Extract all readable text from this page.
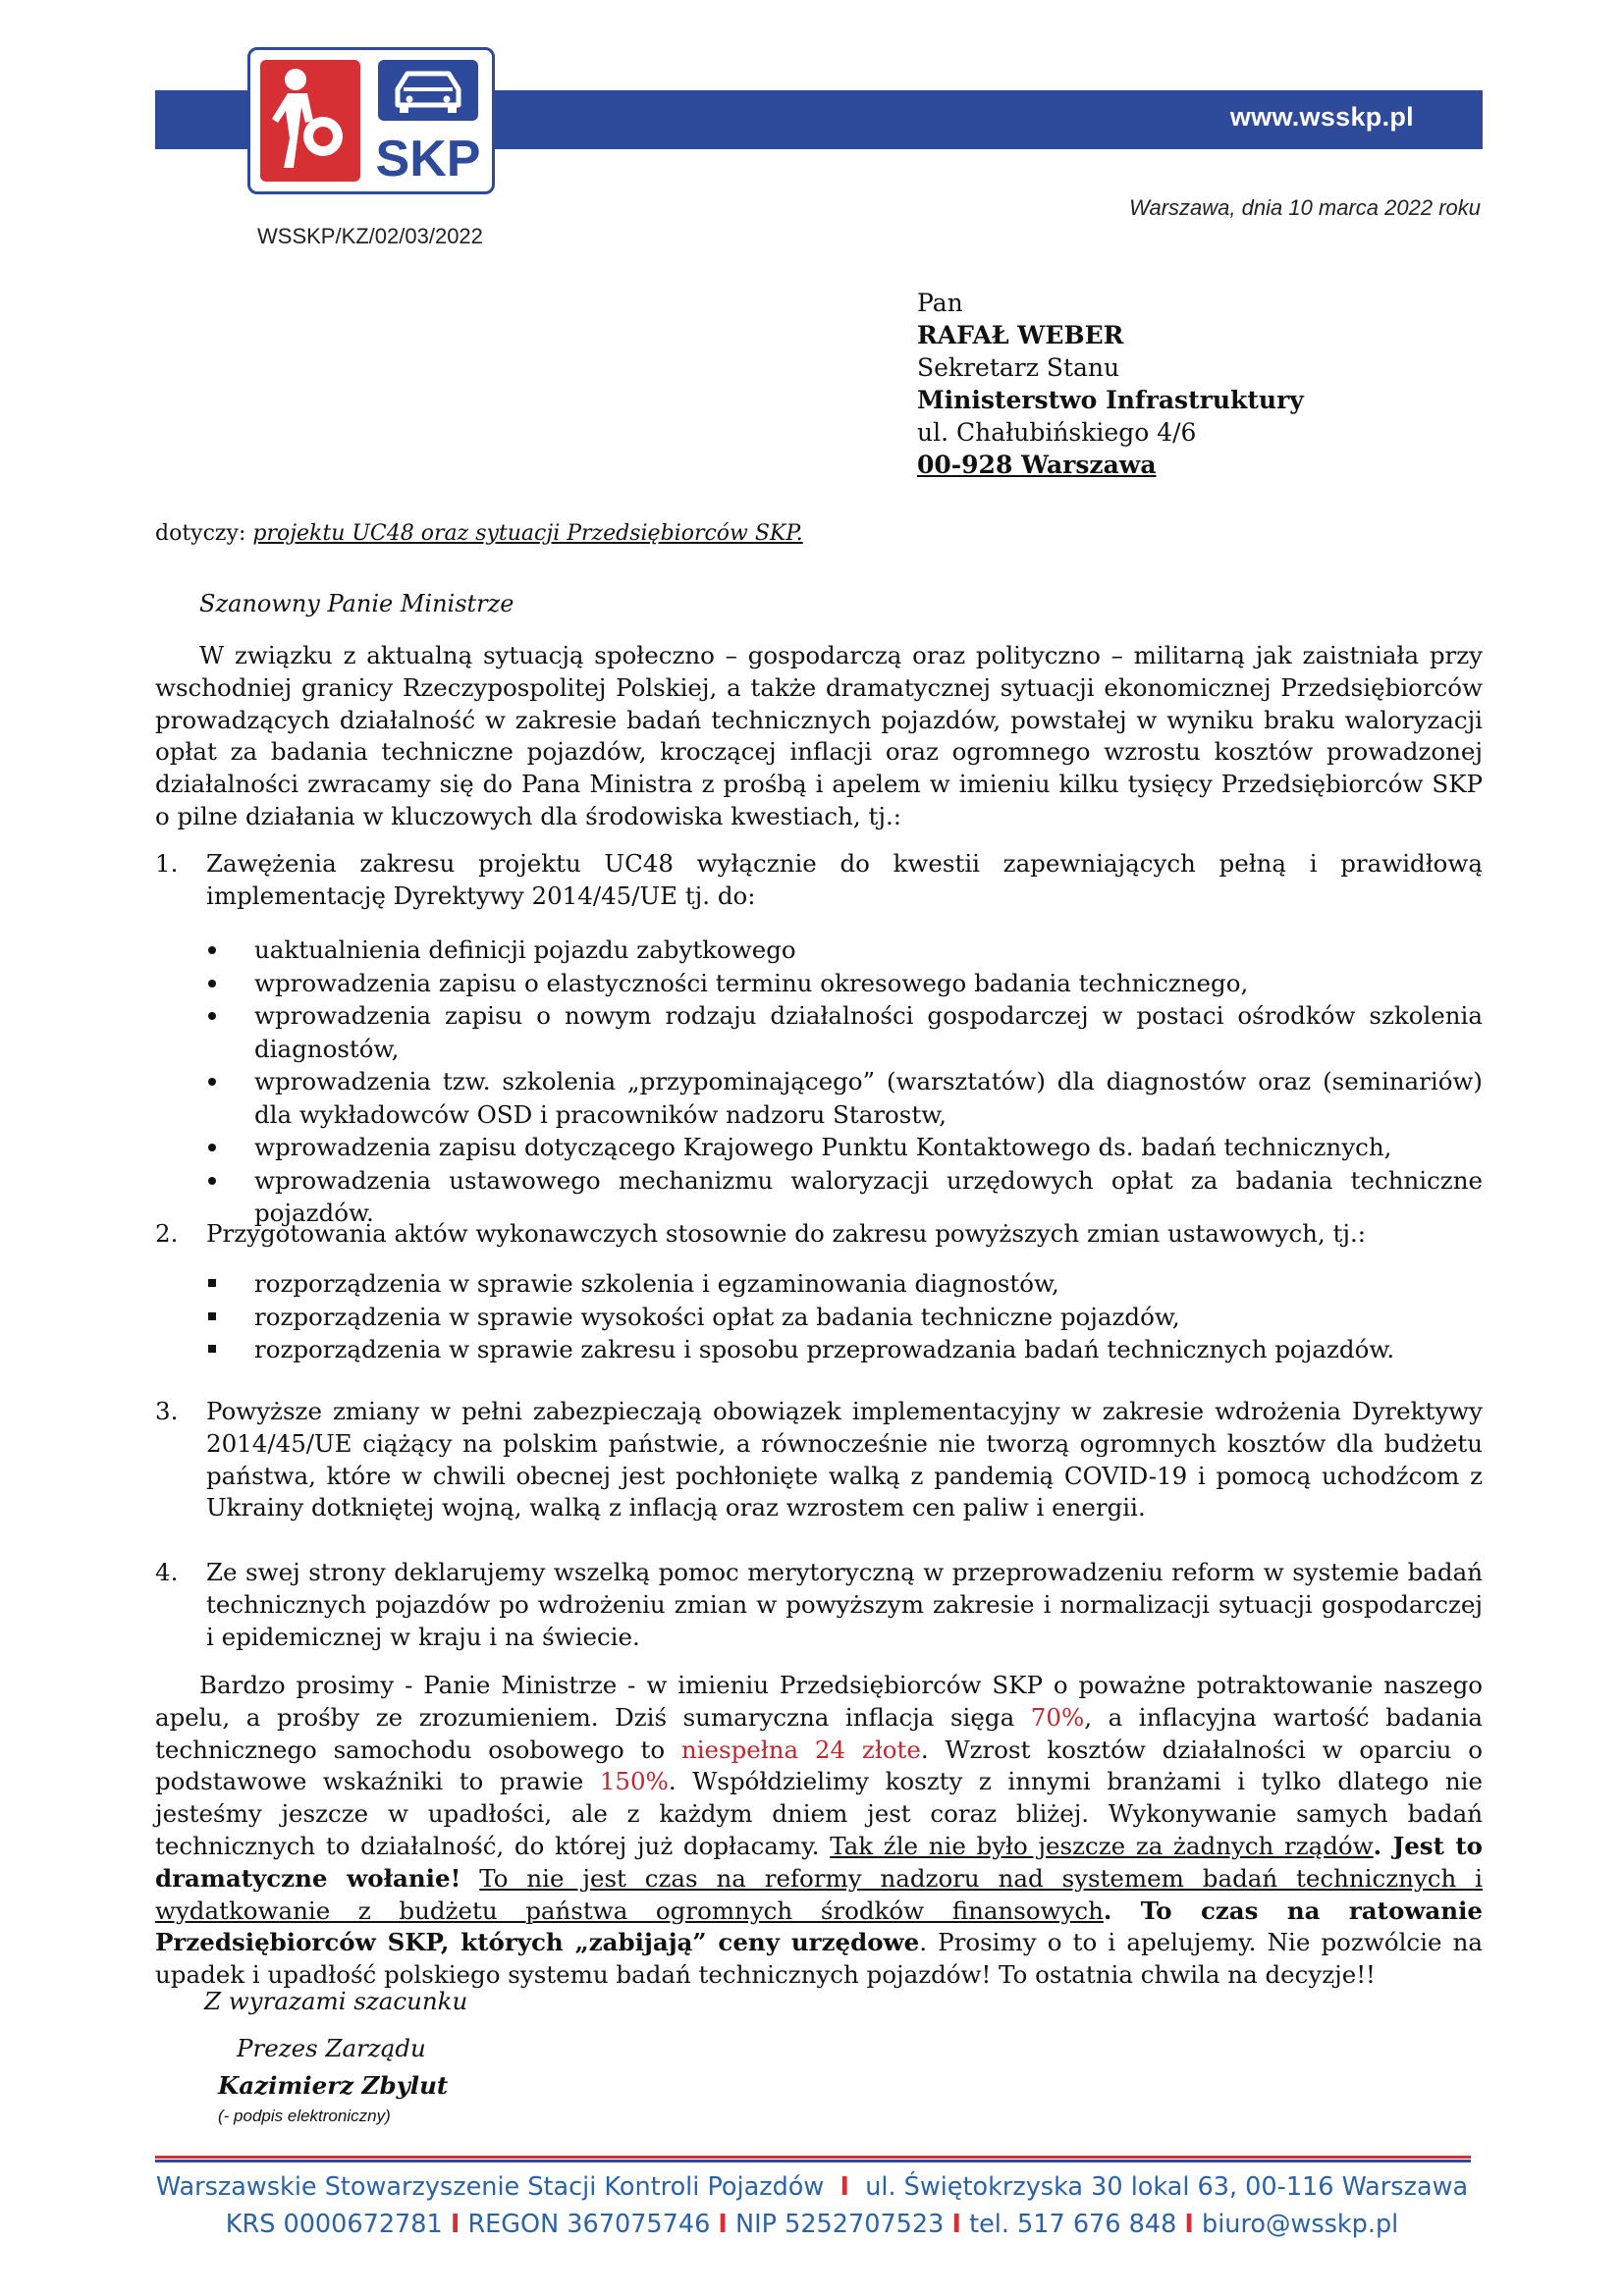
www.wsskp.pl
SKP
WSSKP/KZ/02/03/2022
Warszawa, dnia 10 marca 2022 roku
Pan
RAFAŁ WEBER
Sekretarz Stanu
Ministerstwo Infrastruktury
ul. Chałubińskiego 4/6
00-928 Warszawa
dotyczy: projektu UC48 oraz sytuacji Przedsiębiorców SKP.
Szanowny Panie Ministrze
W związku z aktualną sytuacją społeczno – gospodarczą oraz polityczno – militarną jak zaistniała przy wschodniej granicy Rzeczypospolitej Polskiej, a także dramatycznej sytuacji ekonomicznej Przedsiębiorców prowadzących działalność w zakresie badań technicznych pojazdów, powstałej w wyniku braku waloryzacji opłat za badania techniczne pojazdów, kroczącej inflacji oraz ogromnego wzrostu kosztów prowadzonej działalności zwracamy się do Pana Ministra z prośbą i apelem w imieniu kilku tysięcy Przedsiębiorców SKP o pilne działania w kluczowych dla środowiska kwestiach, tj.:
1.	Zawężenia zakresu projektu UC48 wyłącznie do kwestii zapewniających pełną i prawidłową implementację Dyrektywy 2014/45/UE tj. do:
uaktualnienia definicji pojazdu zabytkowego
wprowadzenia zapisu o elastyczności terminu okresowego badania technicznego,
wprowadzenia zapisu o nowym rodzaju działalności gospodarczej w postaci ośrodków szkolenia diagnostów,
wprowadzenia tzw. szkolenia „przypominającego” (warsztatów) dla diagnostów oraz (seminariów) dla wykładowców OSD i pracowników nadzoru Starostw,
wprowadzenia zapisu dotyczącego Krajowego Punktu Kontaktowego ds. badań technicznych,
wprowadzenia ustawowego mechanizmu waloryzacji urzędowych opłat za badania techniczne pojazdów.
2.	Przygotowania aktów wykonawczych stosownie do zakresu powyższych zmian ustawowych, tj.:
rozporządzenia w sprawie szkolenia i egzaminowania diagnostów,
rozporządzenia w sprawie wysokości opłat za badania techniczne pojazdów,
rozporządzenia w sprawie zakresu i sposobu przeprowadzania badań technicznych pojazdów.
3.	Powyższe zmiany w pełni zabezpieczają obowiązek implementacyjny w zakresie wdrożenia Dyrektywy 2014/45/UE ciążący na polskim państwie, a równocześnie nie tworzą ogromnych kosztów dla budżetu państwa, które w chwili obecnej jest pochłonięte walką z pandemią COVID-19 i pomocą uchodźcom z Ukrainy dotkniętej wojną, walką z inflacją oraz wzrostem cen paliw i energii.
4.	Ze swej strony deklarujemy wszelką pomoc merytoryczną w przeprowadzeniu reform w systemie badań technicznych pojazdów po wdrożeniu zmian w powyższym zakresie i normalizacji sytuacji gospodarczej i epidemicznej w kraju i na świecie.
Bardzo prosimy - Panie Ministrze - w imieniu Przedsiębiorców SKP o poważne potraktowanie naszego apelu, a prośby ze zrozumieniem. Dziś sumaryczna inflacja sięga 70%, a inflacyjna wartość badania technicznego samochodu osobowego to niespełna 24 złote. Wzrost kosztów działalności w oparciu o podstawowe wskaźniki to prawie 150%. Współdzielimy koszty z innymi branżami i tylko dlatego nie jesteśmy jeszcze w upadłości, ale z każdym dniem jest coraz bliżej. Wykonywanie samych badań technicznych to działalność, do której już dopłacamy. Tak źle nie było jeszcze za żadnych rządów. Jest to dramatyczne wołanie! To nie jest czas na reformy nadzoru nad systemem badań technicznych i wydatkowanie z budżetu państwa ogromnych środków finansowych. To czas na ratowanie Przedsiębiorców SKP, których „zabijają” ceny urzędowe. Prosimy o to i apelujemy. Nie pozwólcie na upadek i upadłość polskiego systemu badań technicznych pojazdów! To ostatnia chwila na decyzje!!
Z wyrazami szacunku
Prezes Zarządu
Kazimierz Zbylut
(- podpis elektroniczny)
Warszawskie Stowarzyszenie Stacji Kontroli Pojazdów I ul. Świętokrzyska 30 lokal 63, 00-116 Warszawa
KRS 0000672781 I REGON 367075746 I NIP 5252707523 I tel. 517 676 848 I biuro@wsskp.pl
